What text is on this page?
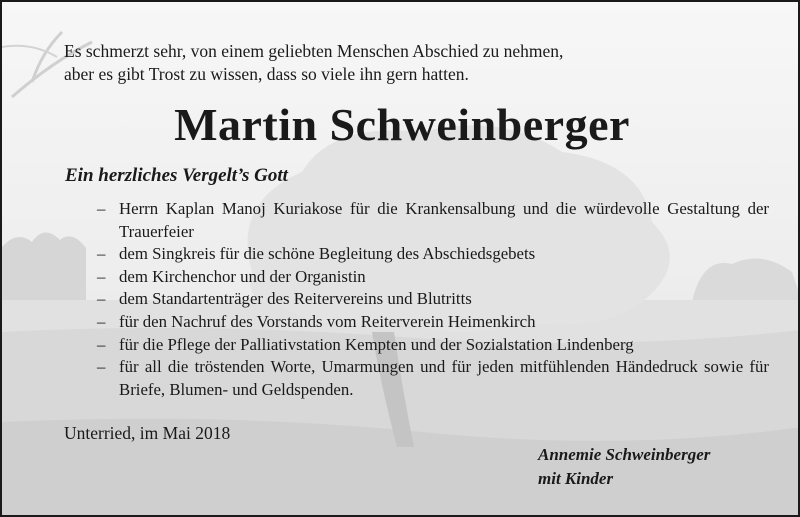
Es schmerzt sehr, von einem geliebten Menschen Abschied zu nehmen,
aber es gibt Trost zu wissen, dass so viele ihn gern hatten.
Martin Schweinberger
Ein herzliches Vergelt’s Gott
– Herrn Kaplan Manoj Kuriakose für die Krankensalbung und die würdevolle Gestaltung der Trauerfeier
– dem Singkreis für die schöne Begleitung des Abschiedsgebets
– dem Kirchenchor und der Organistin
– dem Standartenträger des Reitervereins und Blutritts
– für den Nachruf des Vorstands vom Reiterverein Heimenkirch
– für die Pflege der Palliativstation Kempten und der Sozialstation Lindenberg
– für all die tröstenden Worte, Umarmungen und für jeden mitfühlenden Händedruck sowie für Briefe, Blumen- und Geldspenden.
Unterried, im Mai 2018
Annemie Schweinberger
mit Kinder
